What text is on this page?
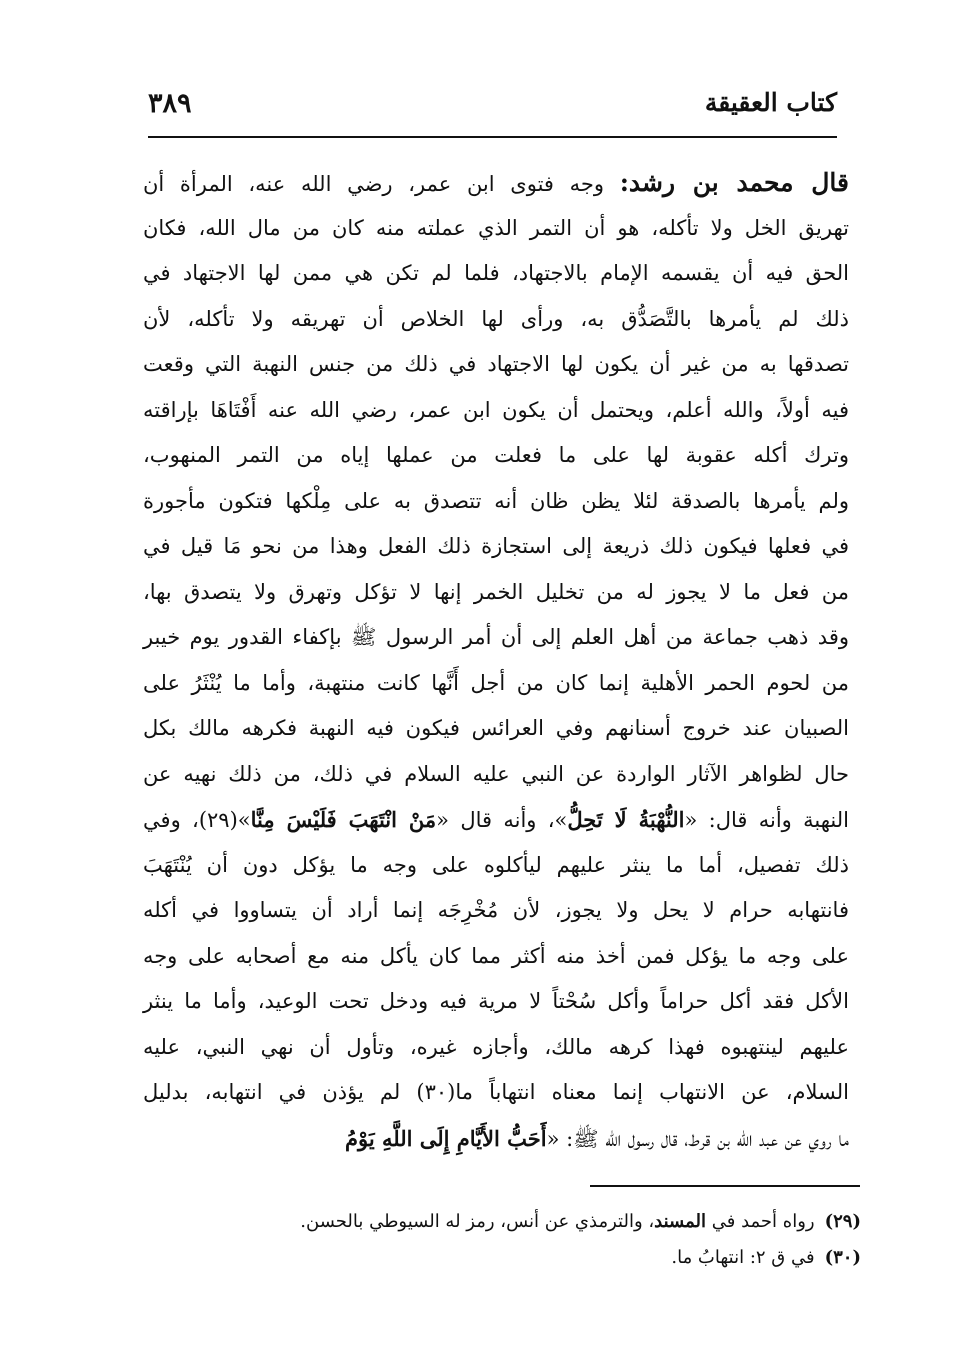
كتاب العقيقة
٣٨٩
قال محمد بن رشد: وجه فتوى ابن عمر، رضي الله عنه، المرأة أن
تهريق الخل ولا تأكله، هو أن التمر الذي عملته منه كان من مال الله، فكان
الحق فيه أن يقسمه الإمام بالاجتهاد، فلما لم تكن هي ممن لها الاجتهاد في
ذلك لم يأمرها بالتَّصَدُّق به، ورأى لها الخلاص أن تهريقه ولا تأكله، لأن
تصدقها به من غير أن يكون لها الاجتهاد في ذلك من جنس النهبة التي وقعت
فيه أولاً، والله أعلم، ويحتمل أن يكون ابن عمر، رضي الله عنه أَفْتَاهَا بإراقته
وترك أكله عقوبة لها على ما فعلت من عملها إياه من التمر المنهوب،
ولم يأمرها بالصدقة لئلا يظن ظان أنه تتصدق به على مِلْكها فتكون مأجورة
في فعلها فيكون ذلك ذريعة إلى استجازة ذلك الفعل وهذا من نحو مَا قيل في
من فعل ما لا يجوز له من تخليل الخمر إنها لا تؤكل وتهرق ولا يتصدق بها،
وقد ذهب جماعة من أهل العلم إلى أن أمر الرسول ﷺ بإكفاء القدور يوم خيبر
من لحوم الحمر الأهلية إنما كان من أجل أَنَّها كانت منتهبة، وأما ما يُنْثَرُ على
الصبيان عند خروج أسنانهم وفي العرائس فيكون فيه النهبة فكرهه مالك بكل
حال لظواهر الآثار الواردة عن النبي عليه السلام في ذلك، من ذلك نهيه عن
النهبة وأنه قال: «النُّهْبَةُ لَا تَحِلُّ»، وأنه قال «مَنْ انْتَهَبَ فَلَيْسَ مِنَّا»(٢٩)، وفي
ذلك تفصيل، أما ما ينثر عليهم ليأكلوه على وجه ما يؤكل دون أن يُنْتَهَبَ
فانتهابه حرام لا يحل ولا يجوز، لأن مُخْرِجَه إنما أراد أن يتساووا في أكله
على وجه ما يؤكل فمن أخذ منه أكثر مما كان يأكل منه مع أصحابه على وجه
الأكل فقد أكل حراماً وأكل سُحْتاً لا مرية فيه ودخل تحت الوعيد، وأما ما ينثر
عليهم لينتهبوه فهذا كرهه مالك، وأجازه غيره، وتأول أن نهي النبي، عليه
السلام، عن الانتهاب إنما معناه انتهاباً ما(٣٠) لم يؤذن في انتهابه، بدليل
ما روي عن عبد الله بن قرط، قال رسول الله ﷺ: «أَحَبُّ الأَيَّامِ إِلَى اللَّهِ يَوْمُ
(٢٩)رواه أحمد في المسند، والترمذي عن أنس، رمز له السيوطي بالحسن.
(٣٠)في ق ٢: انتهابُ ما.
